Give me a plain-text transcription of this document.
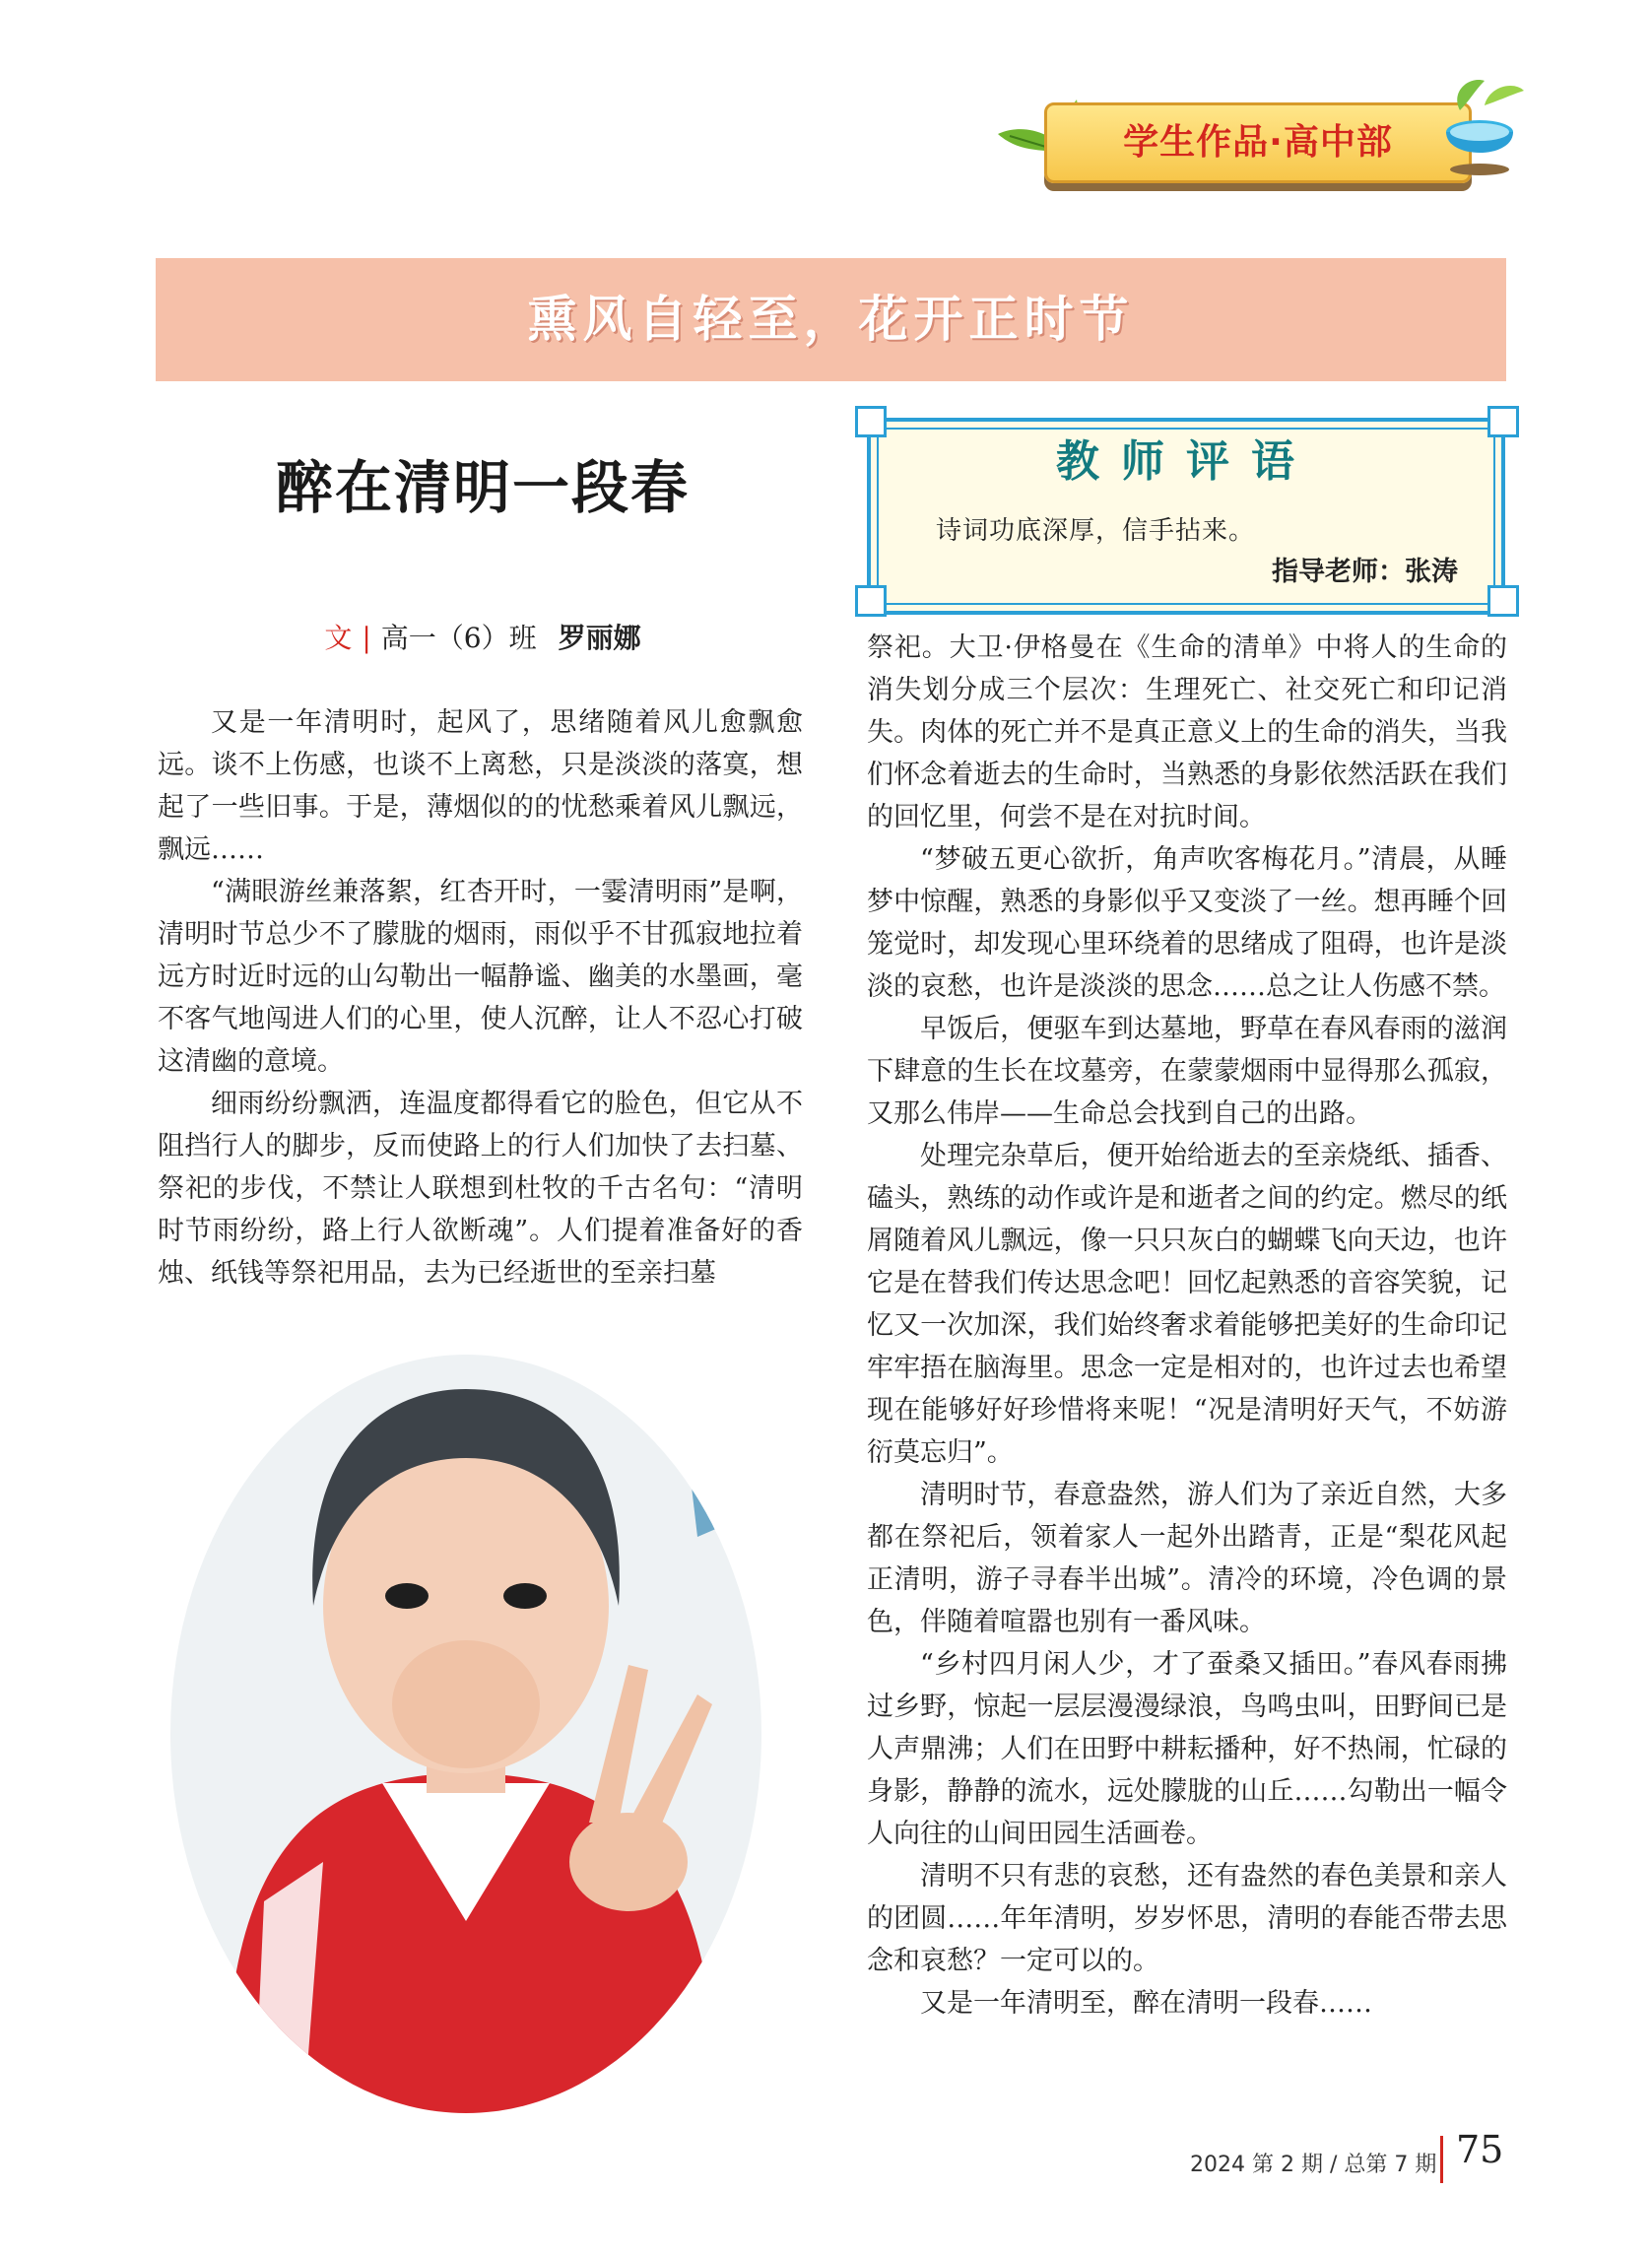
学生作品·高中部
熏风自轻至，花开正时节
醉在清明一段春
文 | 高一（6）班 罗丽娜
教师评语
诗词功底深厚，信手拈来。
指导老师：张涛

又是一年清明时，起风了，思绪随着风儿愈飘愈远。谈不上伤感，也谈不上离愁，只是淡淡的落寞，想起了一些旧事。于是，薄烟似的的忧愁乘着风儿飘远，飘远……

“满眼游丝兼落絮，红杏开时，一霎清明雨”是啊，清明时节总少不了朦胧的烟雨，雨似乎不甘孤寂地拉着远方时近时远的山勾勒出一幅静谧、幽美的水墨画，毫不客气地闯进人们的心里，使人沉醉，让人不忍心打破这清幽的意境。

细雨纷纷飘洒，连温度都得看它的脸色，但它从不阻挡行人的脚步，反而使路上的行人们加快了去扫墓、祭祀的步伐，不禁让人联想到杜牧的千古名句：“清明时节雨纷纷，路上行人欲断魂”。人们提着准备好的香烛、纸钱等祭祀用品，去为已经逝世的至亲扫墓

祭祀。大卫·伊格曼在《生命的清单》中将人的生命的消失划分成三个层次：生理死亡、社交死亡和印记消失。肉体的死亡并不是真正意义上的生命的消失，当我们怀念着逝去的生命时，当熟悉的身影依然活跃在我们的回忆里，何尝不是在对抗时间。

“梦破五更心欲折，角声吹客梅花月。”清晨，从睡梦中惊醒，熟悉的身影似乎又变淡了一丝。想再睡个回笼觉时，却发现心里环绕着的思绪成了阻碍，也许是淡淡的哀愁，也许是淡淡的思念……总之让人伤感不禁。

早饭后，便驱车到达墓地，野草在春风春雨的滋润下肆意的生长在坟墓旁，在蒙蒙烟雨中显得那么孤寂，又那么伟岸——生命总会找到自己的出路。

处理完杂草后，便开始给逝去的至亲烧纸、插香、磕头，熟练的动作或许是和逝者之间的约定。燃尽的纸屑随着风儿飘远，像一只只灰白的蝴蝶飞向天边，也许它是在替我们传达思念吧！回忆起熟悉的音容笑貌，记忆又一次加深，我们始终奢求着能够把美好的生命印记牢牢捂在脑海里。思念一定是相对的，也许过去也希望现在能够好好珍惜将来呢！“况是清明好天气，不妨游衍莫忘归”。

清明时节，春意盎然，游人们为了亲近自然，大多都在祭祀后，领着家人一起外出踏青，正是“梨花风起正清明，游子寻春半出城”。清冷的环境，冷色调的景色，伴随着喧嚣也别有一番风味。

“乡村四月闲人少，才了蚕桑又插田。”春风春雨拂过乡野，惊起一层层漫漫绿浪，鸟鸣虫叫，田野间已是人声鼎沸；人们在田野中耕耘播种，好不热闹，忙碌的身影，静静的流水，远处朦胧的山丘……勾勒出一幅令人向往的山间田园生活画卷。

清明不只有悲的哀愁，还有盎然的春色美景和亲人的团圆……年年清明，岁岁怀思，清明的春能否带去思念和哀愁？一定可以的。

又是一年清明至，醉在清明一段春……

2024 第 2 期 / 总第 7 期 75
